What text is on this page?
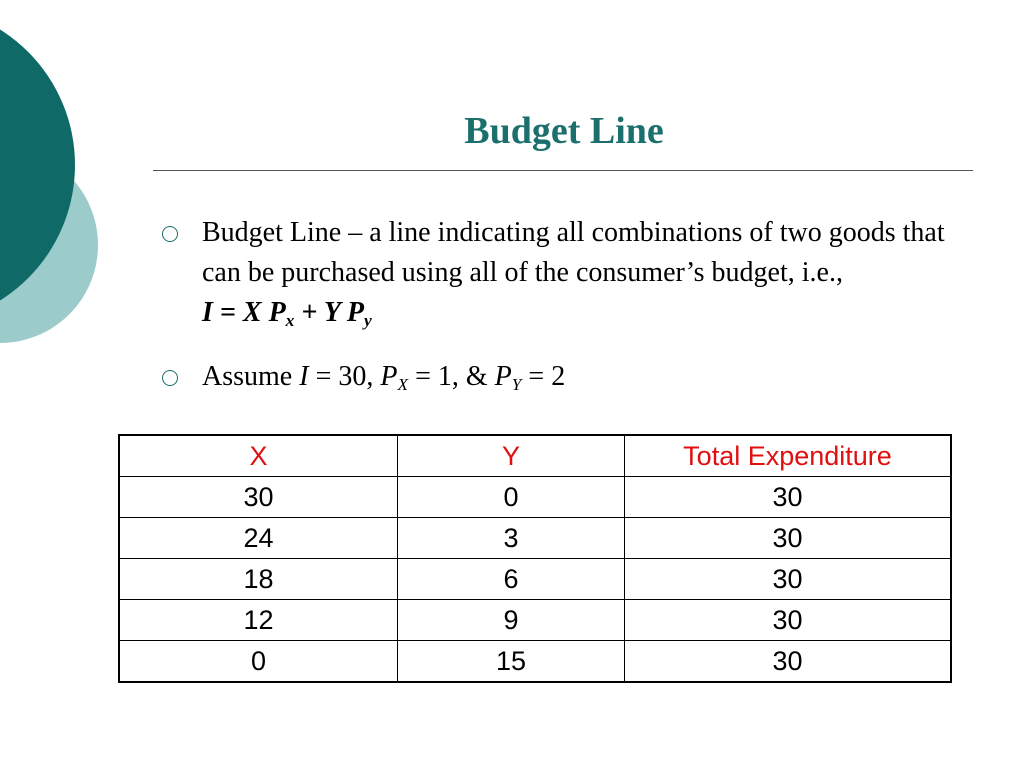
Budget Line
Budget Line – a line indicating all combinations of two goods that can be purchased using all of the consumer’s budget, i.e., I = X $P_x + Y$ $P_y$
Assume I = 30, $P_X = 1$, & $P_Y = 2$
X	Y	Total Expenditure
30	0	30
24	3	30
18	6	30
12	9	30
0	15	30
